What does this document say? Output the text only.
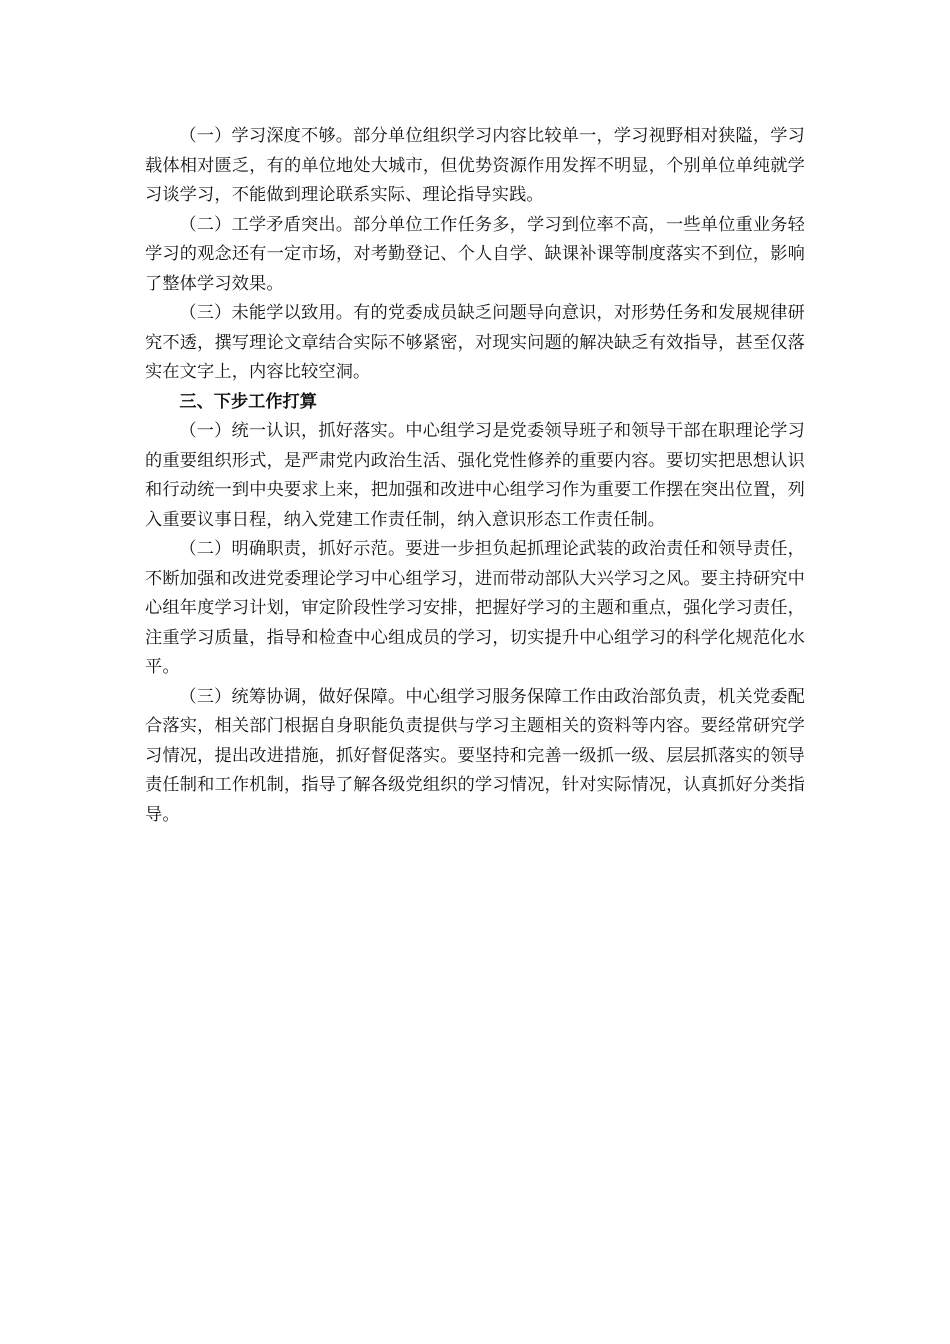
（一）学习深度不够。部分单位组织学习内容比较单一，学习视野相对狭隘，学习载体相对匮乏，有的单位地处大城市，但优势资源作用发挥不明显，个别单位单纯就学习谈学习，不能做到理论联系实际、理论指导实践。

（二）工学矛盾突出。部分单位工作任务多，学习到位率不高，一些单位重业务轻学习的观念还有一定市场，对考勤登记、个人自学、缺课补课等制度落实不到位，影响了整体学习效果。

（三）未能学以致用。有的党委成员缺乏问题导向意识，对形势任务和发展规律研究不透，撰写理论文章结合实际不够紧密，对现实问题的解决缺乏有效指导，甚至仅落实在文字上，内容比较空洞。

三、下步工作打算

（一）统一认识，抓好落实。中心组学习是党委领导班子和领导干部在职理论学习的重要组织形式，是严肃党内政治生活、强化党性修养的重要内容。要切实把思想认识和行动统一到中央要求上来，把加强和改进中心组学习作为重要工作摆在突出位置，列入重要议事日程，纳入党建工作责任制，纳入意识形态工作责任制。

（二）明确职责，抓好示范。要进一步担负起抓理论武装的政治责任和领导责任，不断加强和改进党委理论学习中心组学习，进而带动部队大兴学习之风。要主持研究中心组年度学习计划，审定阶段性学习安排，把握好学习的主题和重点，强化学习责任，注重学习质量，指导和检查中心组成员的学习，切实提升中心组学习的科学化规范化水平。

（三）统筹协调，做好保障。中心组学习服务保障工作由政治部负责，机关党委配合落实，相关部门根据自身职能负责提供与学习主题相关的资料等内容。要经常研究学习情况，提出改进措施，抓好督促落实。要坚持和完善一级抓一级、层层抓落实的领导责任制和工作机制，指导了解各级党组织的学习情况，针对实际情况，认真抓好分类指导。
